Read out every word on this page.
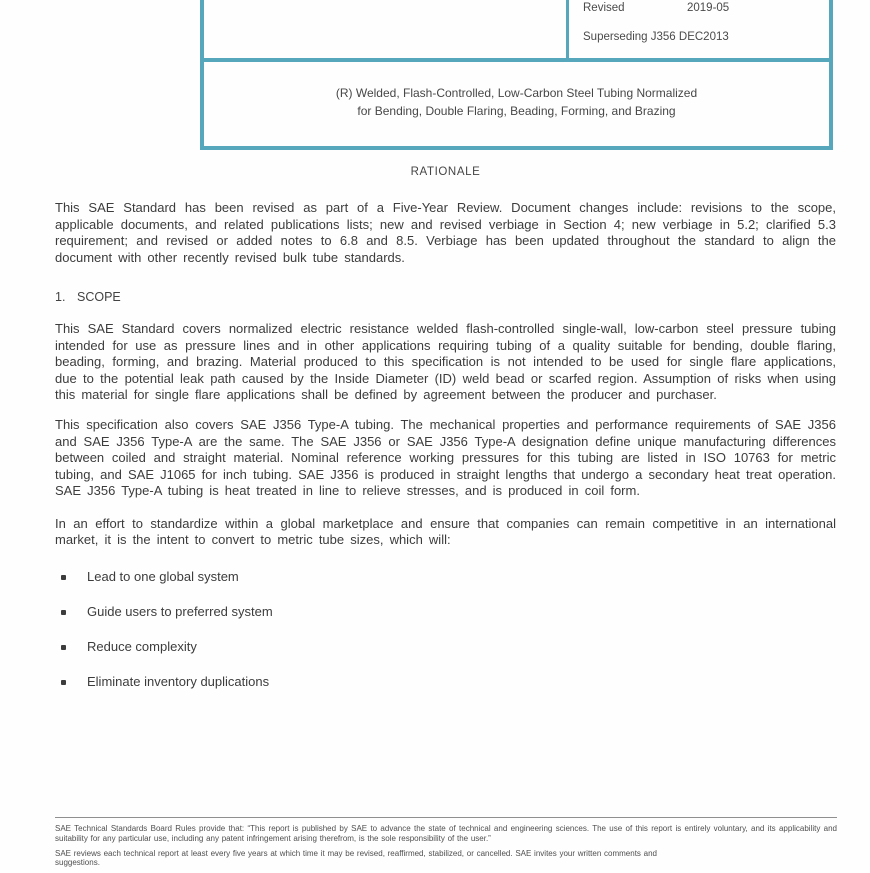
Revised	2019-05
Superseding J356 DEC2013
(R) Welded, Flash-Controlled, Low-Carbon Steel Tubing Normalized
for Bending, Double Flaring, Beading, Forming, and Brazing
RATIONALE

This SAE Standard has been revised as part of a Five-Year Review. Document changes include: revisions to the scope, applicable documents, and related publications lists; new and revised verbiage in Section 4; new verbiage in 5.2; clarified 5.3 requirement; and revised or added notes to 6.8 and 8.5. Verbiage has been updated throughout the standard to align the document with other recently revised bulk tube standards.

1. SCOPE

This SAE Standard covers normalized electric resistance welded flash-controlled single-wall, low-carbon steel pressure tubing intended for use as pressure lines and in other applications requiring tubing of a quality suitable for bending, double flaring, beading, forming, and brazing. Material produced to this specification is not intended to be used for single flare applications, due to the potential leak path caused by the Inside Diameter (ID) weld bead or scarfed region. Assumption of risks when using this material for single flare applications shall be defined by agreement between the producer and purchaser.

This specification also covers SAE J356 Type-A tubing. The mechanical properties and performance requirements of SAE J356 and SAE J356 Type-A are the same. The SAE J356 or SAE J356 Type-A designation define unique manufacturing differences between coiled and straight material. Nominal reference working pressures for this tubing are listed in ISO 10763 for metric tubing, and SAE J1065 for inch tubing. SAE J356 is produced in straight lengths that undergo a secondary heat treat operation. SAE J356 Type-A tubing is heat treated in line to relieve stresses, and is produced in coil form.

In an effort to standardize within a global marketplace and ensure that companies can remain competitive in an international market, it is the intent to convert to metric tube sizes, which will:

Lead to one global system
Guide users to preferred system
Reduce complexity
Eliminate inventory duplications

SAE Technical Standards Board Rules provide that: “This report is published by SAE to advance the state of technical and engineering sciences. The use of this report is entirely voluntary, and its applicability and suitability for any particular use, including any patent infringement arising therefrom, is the sole responsibility of the user.”

SAE reviews each technical report at least every five years at which time it may be revised, reaffirmed, stabilized, or cancelled. SAE invites your written comments and
suggestions.
